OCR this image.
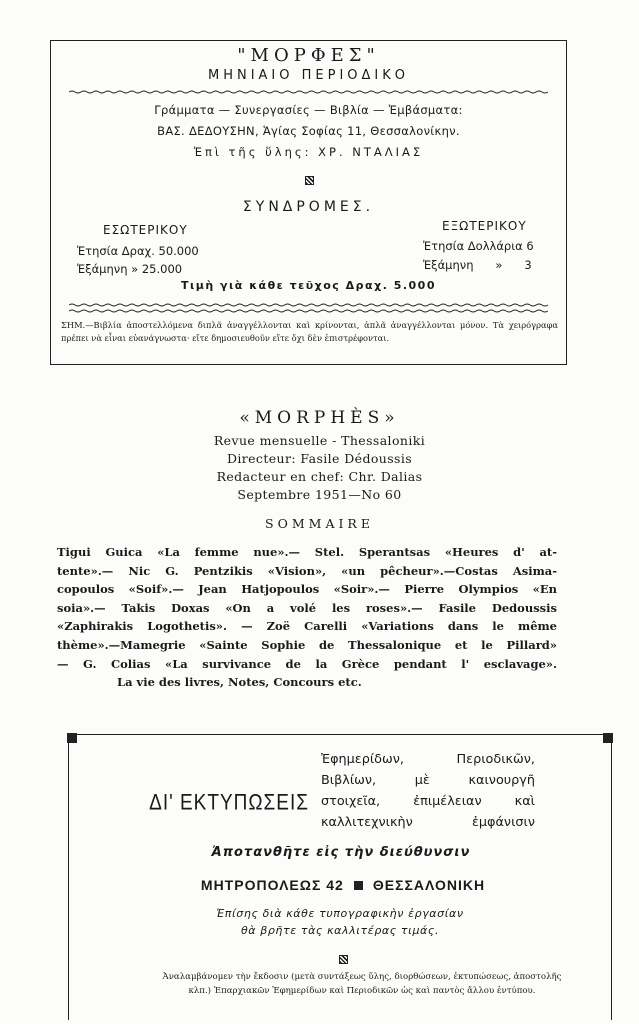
"ΜΟΡΦΕΣ"
ΜΗΝΙΑΙΟ ΠΕΡΙΟΔΙΚΟ
Γράμματα — Συνεργασίες — Βιβλία — Ἐμβάσματα:
ΒΑΣ. ΔΕΔΟΥΣΗΝ, Ἁγίας Σοφίας 11, Θεσσαλονίκην.
Ἐπὶ τῆς ὕλης: ΧΡ. ΝΤΑΛΙΑΣ
ΣΥΝΔΡΟΜΕΣ.
ΕΣΩΤΕΡΙΚΟΥ
Ἐτησία Δραχ. 50.000
Ἐξάμηνη » 25.000
ΕΞΩΤΕΡΙΚΟΥ
Ἐτησία Δολλάρια 6
Ἐξάμηνη      »      3
Τιμὴ γιὰ κάθε τεῦχος Δραχ. 5.000
ΣΗΜ.—Βιβλία ἀποστελλόμενα διπλᾶ ἀναγγέλλονται καὶ κρίνονται, ἁπλᾶ ἀναγγέλλονται μόνον. Τὰ χειρόγραφα πρέπει νὰ εἶναι εὐανάγνωστα· εἴτε δημοσιευθοῦν εἴτε ὄχι δὲν ἐπιστρέφονται.
«MORPHÈS»
Revue mensuelle - Thessaloniki
Directeur: Fasile Dédoussis
Redacteur en chef: Chr. Dalias
Septembre 1951—No 60
SOMMAIRE
Tigui Guica «La femme nue».— Stel. Sperantsas «Heures d' at-
tente».— Nic G. Pentzikis «Vision», «un pêcheur».—Costas Asima-
copoulos «Soif».— Jean Hatjopoulos «Soir».— Pierre Olympios «En
soia».— Takis Doxas «On a volé les roses».— Fasile Dedoussis
«Zaphirakis Logothetis». — Zoë Carelli «Variations dans le même
thème».—Mamegrie «Sainte Sophie de Thessalonique et le Pillard»
— G. Colias «La survivance de la Grèce pendant l' esclavage».
La vie des livres, Notes, Concours etc.
ΔΙ' ΕΚΤΥΠΩΣΕΙΣ
Ἐφημερίδων, Περιοδικῶν,
Βιβλίων, μὲ καινουργῆ
στοιχεῖα, ἐπιμέλειαν καὶ
καλλιτεχνικὴν ἐμφάνισιν
Ἀποτανθῆτε εἰς τὴν διεύθυνσιν
ΜΗΤΡΟΠΟΛΕΩΣ 42 ΘΕΣΣΑΛΟΝΙΚΗ
Ἐπίσης διὰ κάθε τυπογραφικὴν ἐργασίαν
θὰ βρῆτε τὰς καλλιτέρας τιμάς.
Ἀναλαμβάνομεν τὴν ἔκδοσιν (μετὰ συντάξεως ὕλης, διορθώσεων, ἐκτυπώσεως, ἀποστολῆς κλπ.) Ἐπαρχιακῶν Ἐφημερίδων καὶ Περιοδικῶν ὡς καὶ παντὸς ἄλλου ἐντύπου.
